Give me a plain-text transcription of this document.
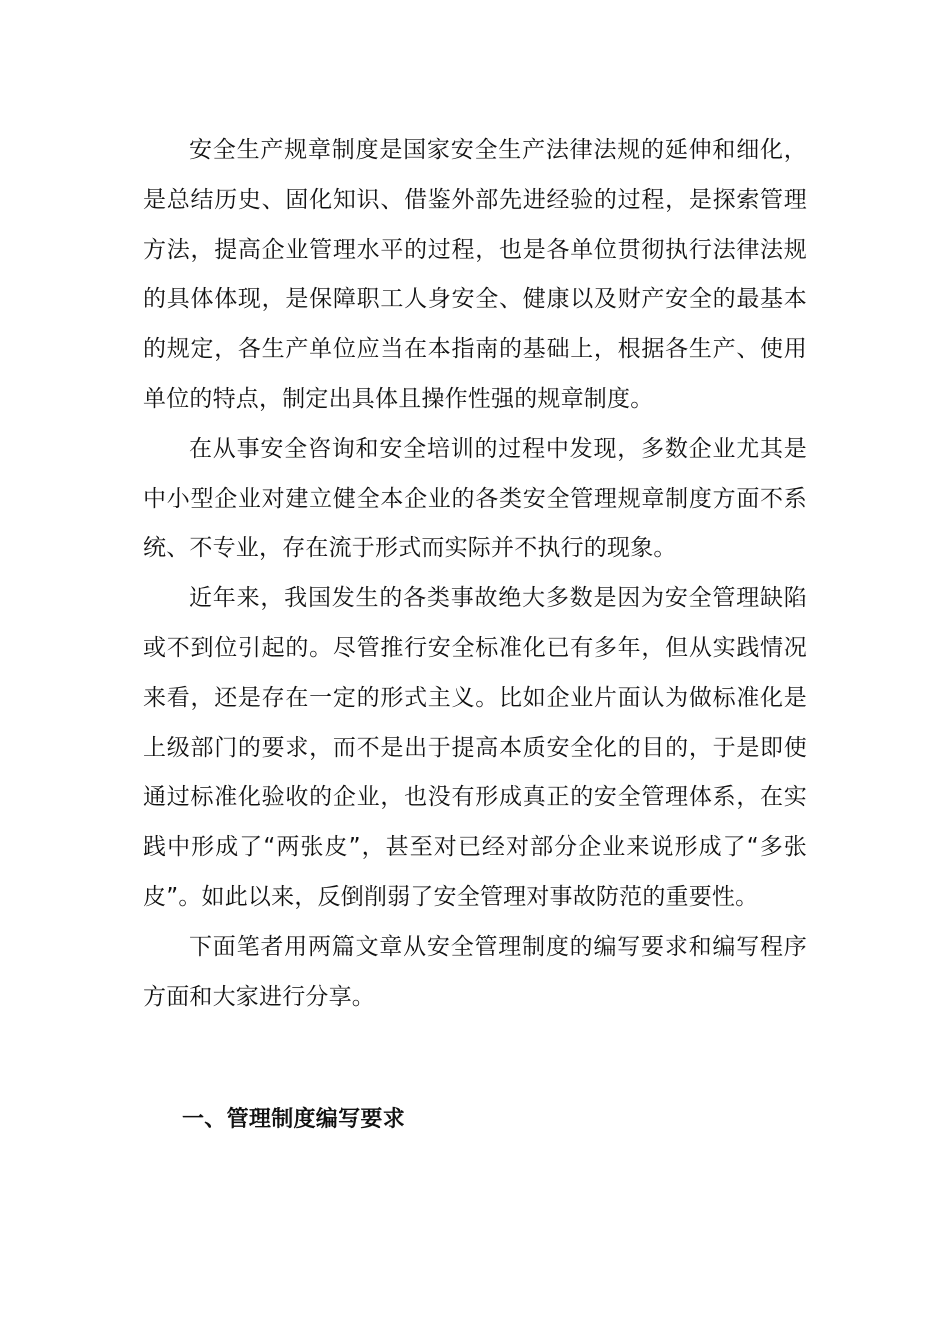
安全生产规章制度是国家安全生产法律法规的延伸和细化，是总结历史、固化知识、借鉴外部先进经验的过程，是探索管理方法，提高企业管理水平的过程，也是各单位贯彻执行法律法规的具体体现，是保障职工人身安全、健康以及财产安全的最基本的规定，各生产单位应当在本指南的基础上，根据各生产、使用单位的特点，制定出具体且操作性强的规章制度。

在从事安全咨询和安全培训的过程中发现，多数企业尤其是中小型企业对建立健全本企业的各类安全管理规章制度方面不系统、不专业，存在流于形式而实际并不执行的现象。

近年来，我国发生的各类事故绝大多数是因为安全管理缺陷或不到位引起的。尽管推行安全标准化已有多年，但从实践情况来看，还是存在一定的形式主义。比如企业片面认为做标准化是上级部门的要求，而不是出于提高本质安全化的目的，于是即使通过标准化验收的企业，也没有形成真正的安全管理体系，在实践中形成了“两张皮”，甚至对已经对部分企业来说形成了“多张皮”。如此以来，反倒削弱了安全管理对事故防范的重要性。

下面笔者用两篇文章从安全管理制度的编写要求和编写程序方面和大家进行分享。

一、管理制度编写要求
